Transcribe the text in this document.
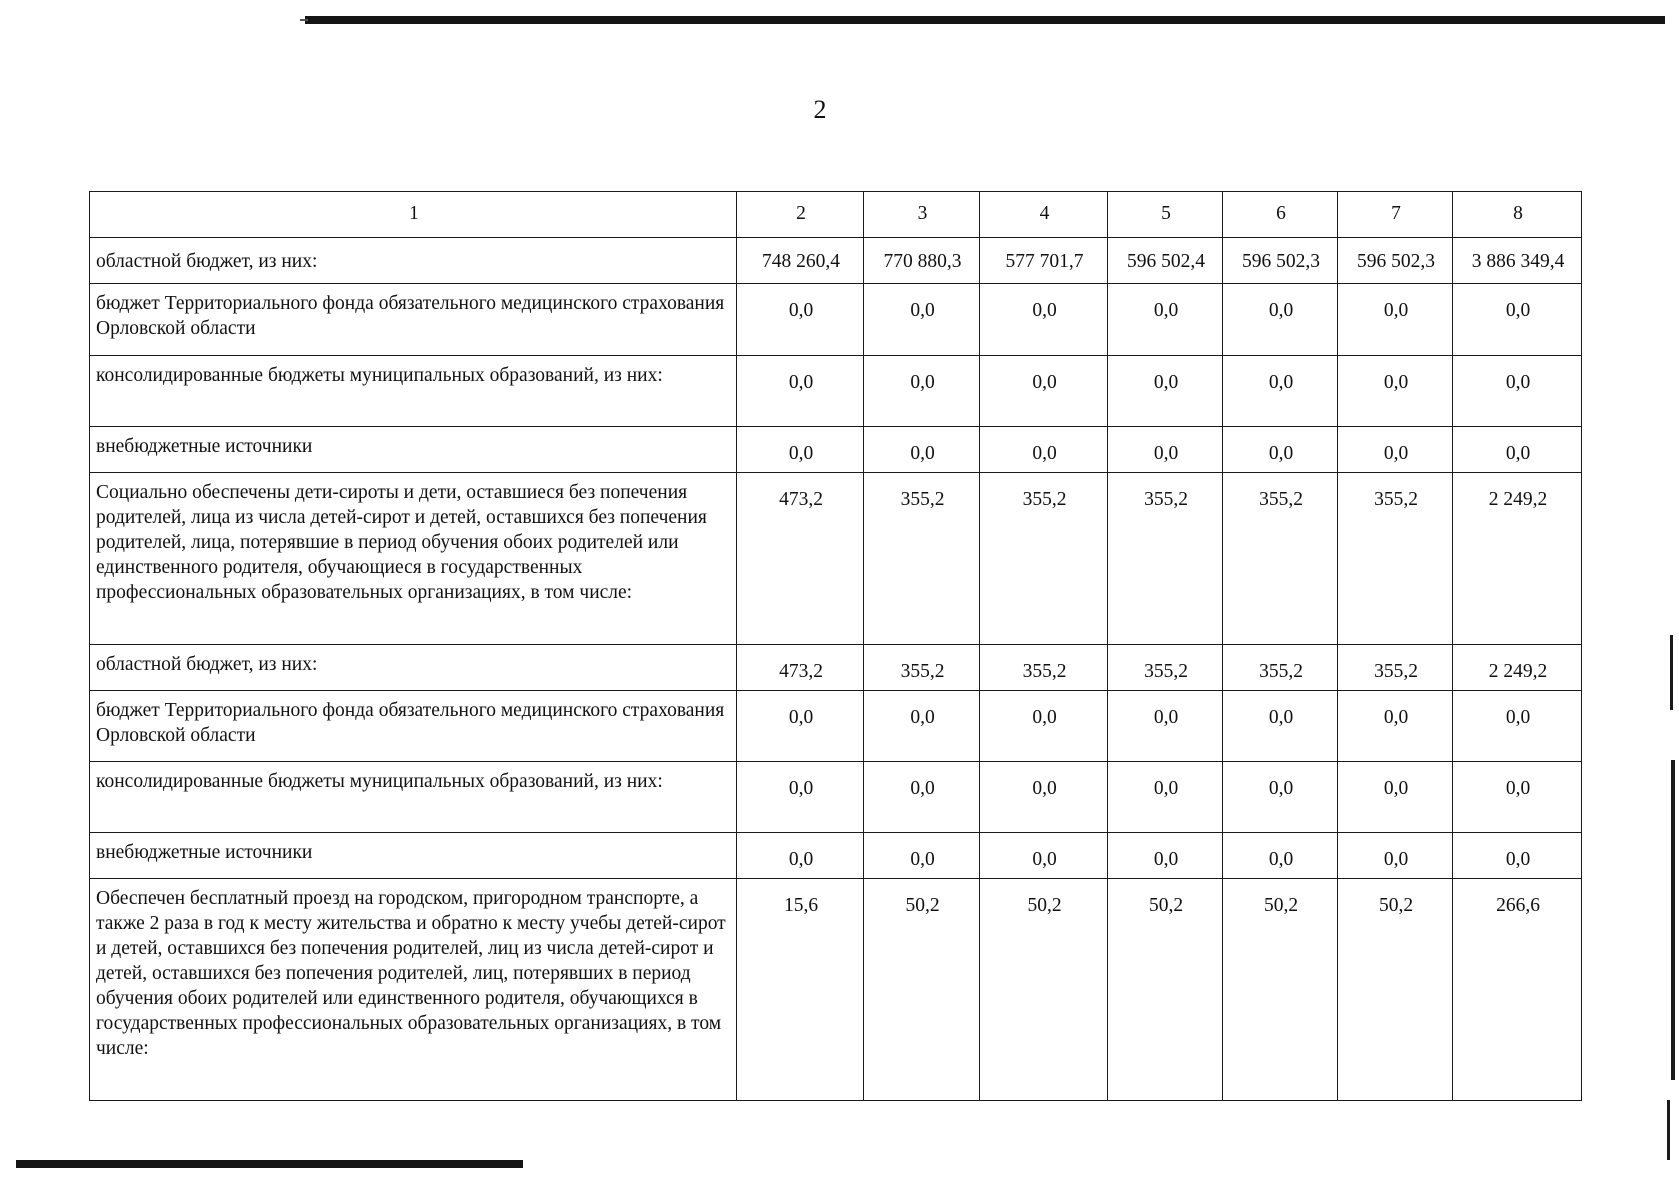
2
1	2	3	4	5	6	7	8
областной бюджет, из них:	748 260,4	770 880,3	577 701,7	596 502,4	596 502,3	596 502,3	3 886 349,4
бюджет Территориального фонда обязательного медицинского страхования Орловской области	0,0	0,0	0,0	0,0	0,0	0,0	0,0
консолидированные бюджеты муниципальных образований, из них:	0,0	0,0	0,0	0,0	0,0	0,0	0,0
внебюджетные источники	0,0	0,0	0,0	0,0	0,0	0,0	0,0
Социально обеспечены дети-сироты и дети, оставшиеся без попечения родителей, лица из числа детей-сирот и детей, оставшихся без попечения родителей, лица, потерявшие в период обучения обоих родителей или единственного родителя, обучающиеся в государственных профессиональных образовательных организациях, в том числе:	473,2	355,2	355,2	355,2	355,2	355,2	2 249,2
областной бюджет, из них:	473,2	355,2	355,2	355,2	355,2	355,2	2 249,2
бюджет Территориального фонда обязательного медицинского страхования Орловской области	0,0	0,0	0,0	0,0	0,0	0,0	0,0
консолидированные бюджеты муниципальных образований, из них:	0,0	0,0	0,0	0,0	0,0	0,0	0,0
внебюджетные источники	0,0	0,0	0,0	0,0	0,0	0,0	0,0
Обеспечен бесплатный проезд на городском, пригородном транспорте, а также 2 раза в год к месту жительства и обратно к месту учебы детей-сирот и детей, оставшихся без попечения родителей, лиц из числа детей-сирот и детей, оставшихся без попечения родителей, лиц, потерявших в период обучения обоих родителей или единственного родителя, обучающихся в государственных профессиональных образовательных организациях, в том числе:	15,6	50,2	50,2	50,2	50,2	50,2	266,6
